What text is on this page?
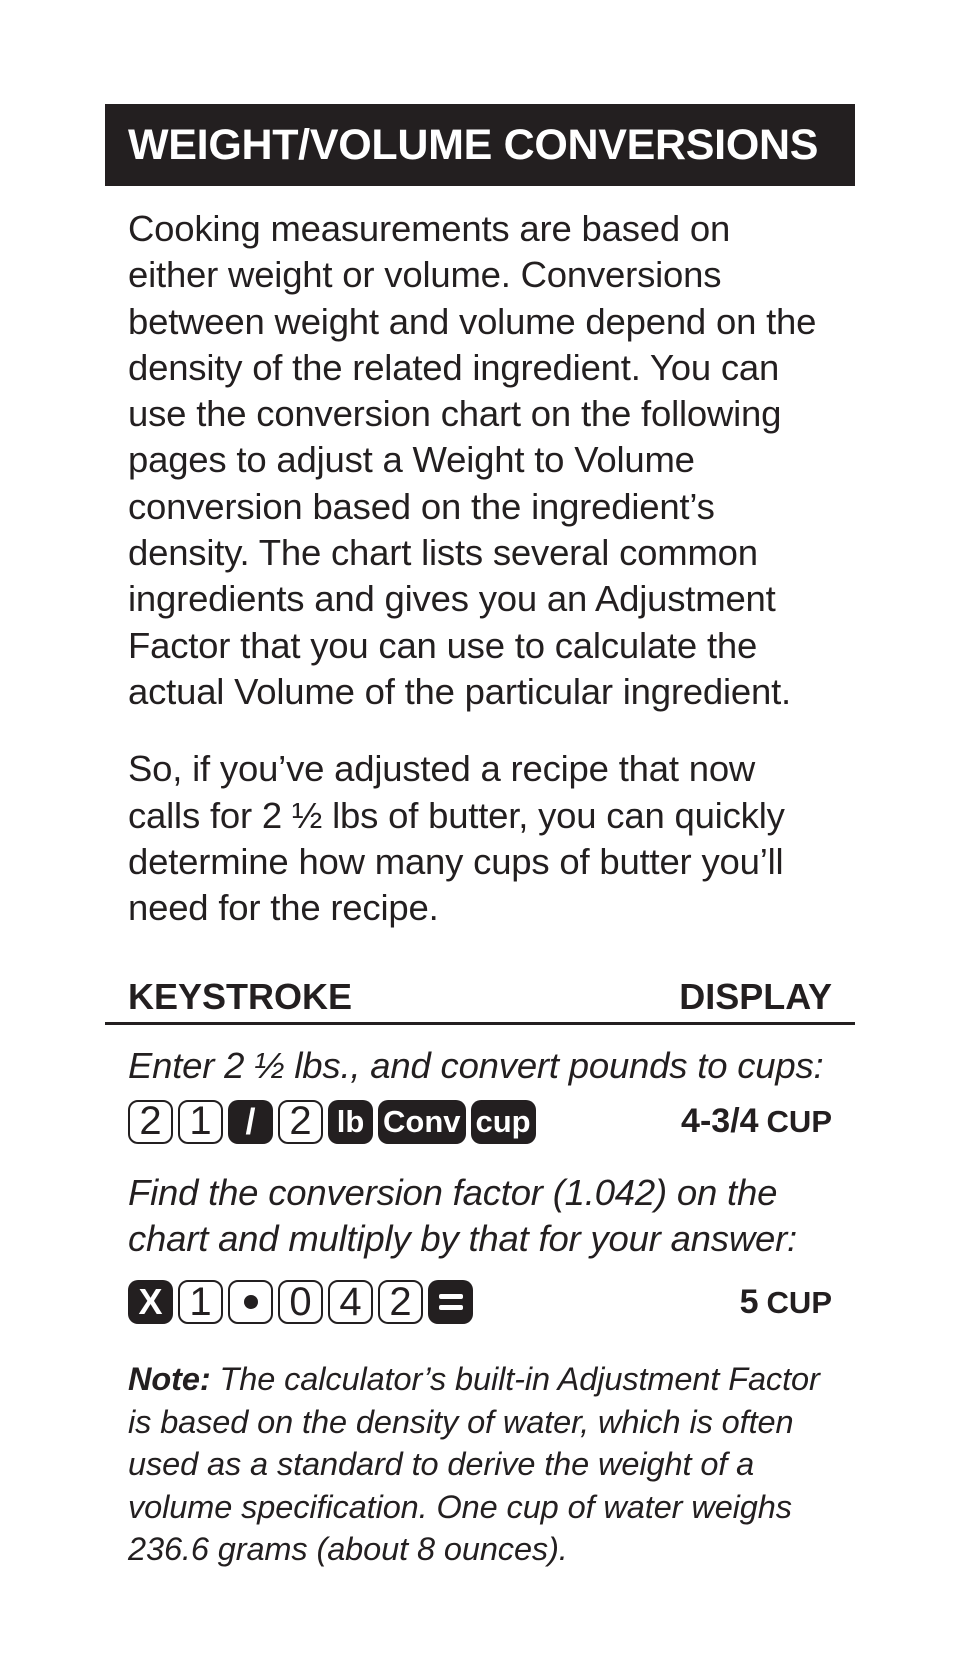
WEIGHT/VOLUME CONVERSIONS

Cooking measurements are based on
either weight or volume. Conversions
between weight and volume depend on the
density of the related ingredient. You can
use the conversion chart on the following
pages to adjust a Weight to Volume
conversion based on the ingredient’s
density. The chart lists several common
ingredients and gives you an Adjustment
Factor that you can use to calculate the
actual Volume of the particular ingredient.

So, if you’ve adjusted a recipe that now
calls for 2 ½ lbs of butter, you can quickly
determine how many cups of butter you’ll
need for the recipe.

KEYSTROKE	DISPLAY

Enter 2 ½ lbs., and convert pounds to cups:

2 1 / 2 lb Conv cup	4-3/4 CUP

Find the conversion factor (1.042) on the
chart and multiply by that for your answer:

X 1 0 4 2	5 CUP
Note: The calculator’s built-in Adjustment Factor
is based on the density of water, which is often
used as a standard to derive the weight of a
volume specification. One cup of water weighs
236.6 grams (about 8 ounces).
